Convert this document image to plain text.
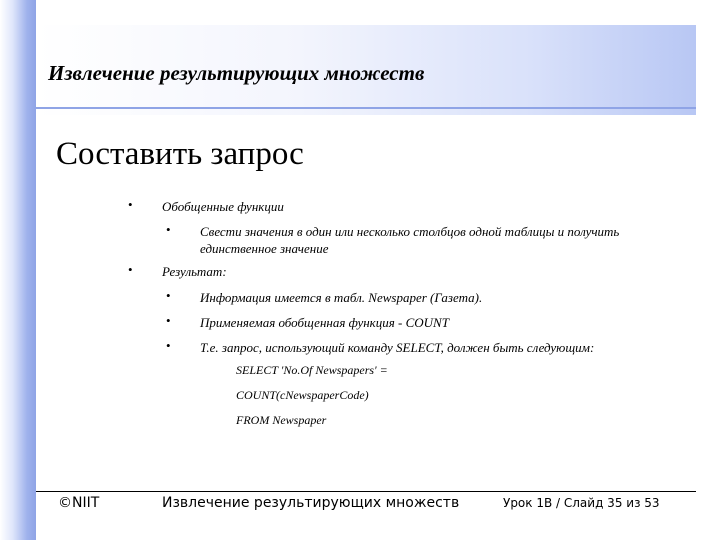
Извлечение результирующих множеств
Составить запрос
• Обобщенные функции
• Свести значения в один или несколько столбцов одной таблицы и получить единственное значение
• Результат:
• Информация имеется в табл. Newspaper (Газета).
• Применяемая обобщенная функция - COUNT
• Т.е. запрос, использующий команду SELECT, должен быть следующим:
SELECT 'No.Of Newspapers' =
COUNT(cNewspaperCode)
FROM Newspaper
©NIIT	Извлечение результирующих множеств	Урок 1B / Слайд 35 из 53
